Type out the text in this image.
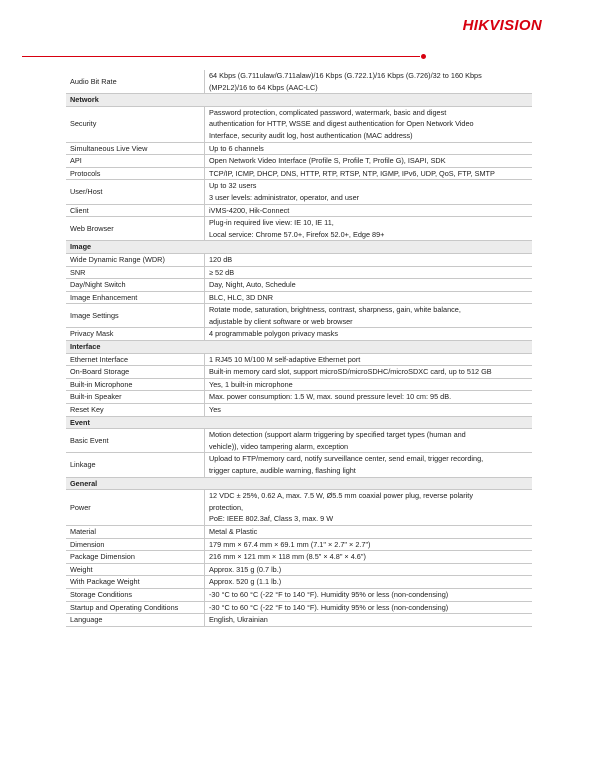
HIKVISION
Audio Bit Rate	64 Kbps (G.711ulaw/G.711alaw)/16 Kbps (G.722.1)/16 Kbps (G.726)/32 to 160 Kbps
(MP2L2)/16 to 64 Kbps (AAC-LC)

Network	
Security	Password protection, complicated password, watermark, basic and digest
authentication for HTTP, WSSE and digest authentication for Open Network Video
Interface, security audit log, host authentication (MAC address)

Simultaneous Live View	Up to 6 channels

API	Open Network Video Interface (Profile S, Profile T, Profile G), ISAPI, SDK

Protocols	TCP/IP, ICMP, DHCP, DNS, HTTP, RTP, RTSP, NTP, IGMP, IPv6, UDP, QoS, FTP, SMTP

User/Host	Up to 32 users
3 user levels: administrator, operator, and user

Client	iVMS-4200, Hik-Connect

Web Browser	Plug-in required live view: IE 10, IE 11,
Local service: Chrome 57.0+, Firefox 52.0+, Edge 89+

Image	
Wide Dynamic Range (WDR)	120 dB

SNR	≥ 52 dB

Day/Night Switch	Day, Night, Auto, Schedule

Image Enhancement	BLC, HLC, 3D DNR

Image Settings	Rotate mode, saturation, brightness, contrast, sharpness, gain, white balance,
adjustable by client software or web browser

Privacy Mask	4 programmable polygon privacy masks

Interface	
Ethernet Interface	1 RJ45 10 M/100 M self-adaptive Ethernet port

On-Board Storage	Built-in memory card slot, support microSD/microSDHC/microSDXC card, up to 512 GB

Built-in Microphone	Yes, 1 built-in microphone

Built-in Speaker	Max. power consumption: 1.5 W, max. sound pressure level: 10 cm: 95 dB.

Reset Key	Yes

Event	
Basic Event	Motion detection (support alarm triggering by specified target types (human and
vehicle)), video tampering alarm, exception

Linkage	Upload to FTP/memory card, notify surveillance center, send email, trigger recording,
trigger capture, audible warning, flashing light

General	
Power	12 VDC ± 25%, 0.62 A, max. 7.5 W, Ø5.5 mm coaxial power plug, reverse polarity
protection,
PoE: IEEE 802.3af, Class 3, max. 9 W

Material	Metal & Plastic

Dimension	179 mm × 67.4 mm × 69.1 mm (7.1" × 2.7" × 2.7")

Package Dimension	216 mm × 121 mm × 118 mm (8.5" × 4.8" × 4.6")

Weight	Approx. 315 g (0.7 lb.)

With Package Weight	Approx. 520 g (1.1 lb.)

Storage Conditions	-30 °C to 60 °C (-22 °F to 140 °F). Humidity 95% or less (non-condensing)

Startup and Operating Conditions	-30 °C to 60 °C (-22 °F to 140 °F). Humidity 95% or less (non-condensing)

Language	English, Ukrainian
